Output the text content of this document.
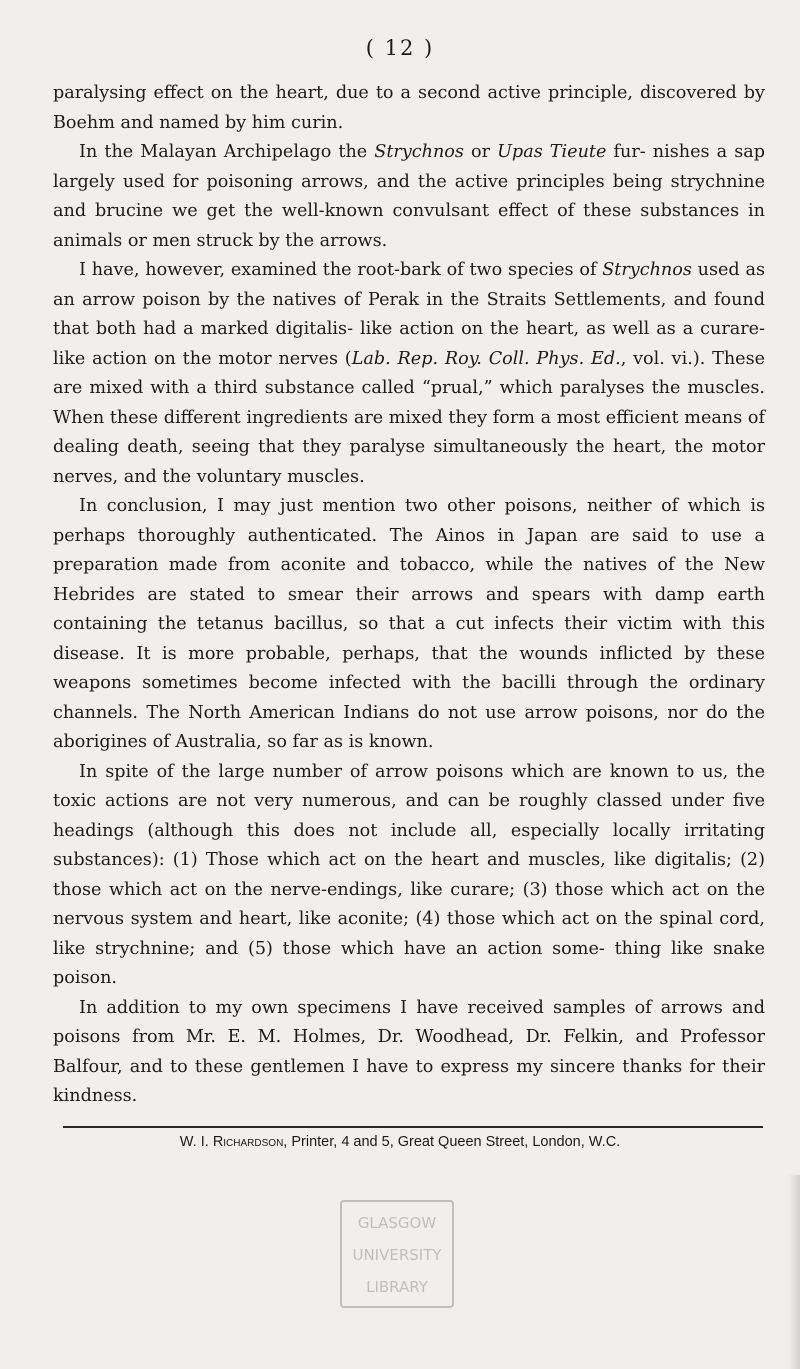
( 12 )

paralysing effect on the heart, due to a second active principle, discovered by Boehm and named by him curin.

In the Malayan Archipelago the Strychnos or Upas Tieute fur- nishes a sap largely used for poisoning arrows, and the active principles being strychnine and brucine we get the well-known convulsant effect of these substances in animals or men struck by the arrows.

I have, however, examined the root-bark of two species of Strychnos used as an arrow poison by the natives of Perak in the Straits Settlements, and found that both had a marked digitalis- like action on the heart, as well as a curare-like action on the motor nerves (Lab. Rep. Roy. Coll. Phys. Ed., vol. vi.). These are mixed with a third substance called “prual,” which paralyses the muscles. When these different ingredients are mixed they form a most efficient means of dealing death, seeing that they paralyse simultaneously the heart, the motor nerves, and the voluntary muscles.

In conclusion, I may just mention two other poisons, neither of which is perhaps thoroughly authenticated. The Ainos in Japan are said to use a preparation made from aconite and tobacco, while the natives of the New Hebrides are stated to smear their arrows and spears with damp earth containing the tetanus bacillus, so that a cut infects their victim with this disease. It is more probable, perhaps, that the wounds inflicted by these weapons sometimes become infected with the bacilli through the ordinary channels. The North American Indians do not use arrow poisons, nor do the aborigines of Australia, so far as is known.

In spite of the large number of arrow poisons which are known to us, the toxic actions are not very numerous, and can be roughly classed under five headings (although this does not include all, especially locally irritating substances): (1) Those which act on the heart and muscles, like digitalis; (2) those which act on the nerve-endings, like curare; (3) those which act on the nervous system and heart, like aconite; (4) those which act on the spinal cord, like strychnine; and (5) those which have an action some- thing like snake poison.

In addition to my own specimens I have received samples of arrows and poisons from Mr. E. M. Holmes, Dr. Woodhead, Dr. Felkin, and Professor Balfour, and to these gentlemen I have to express my sincere thanks for their kindness.

W. I. Richardson, Printer, 4 and 5, Great Queen Street, London, W.C.
GLASGOW
UNIVERSITY
LIBRARY
